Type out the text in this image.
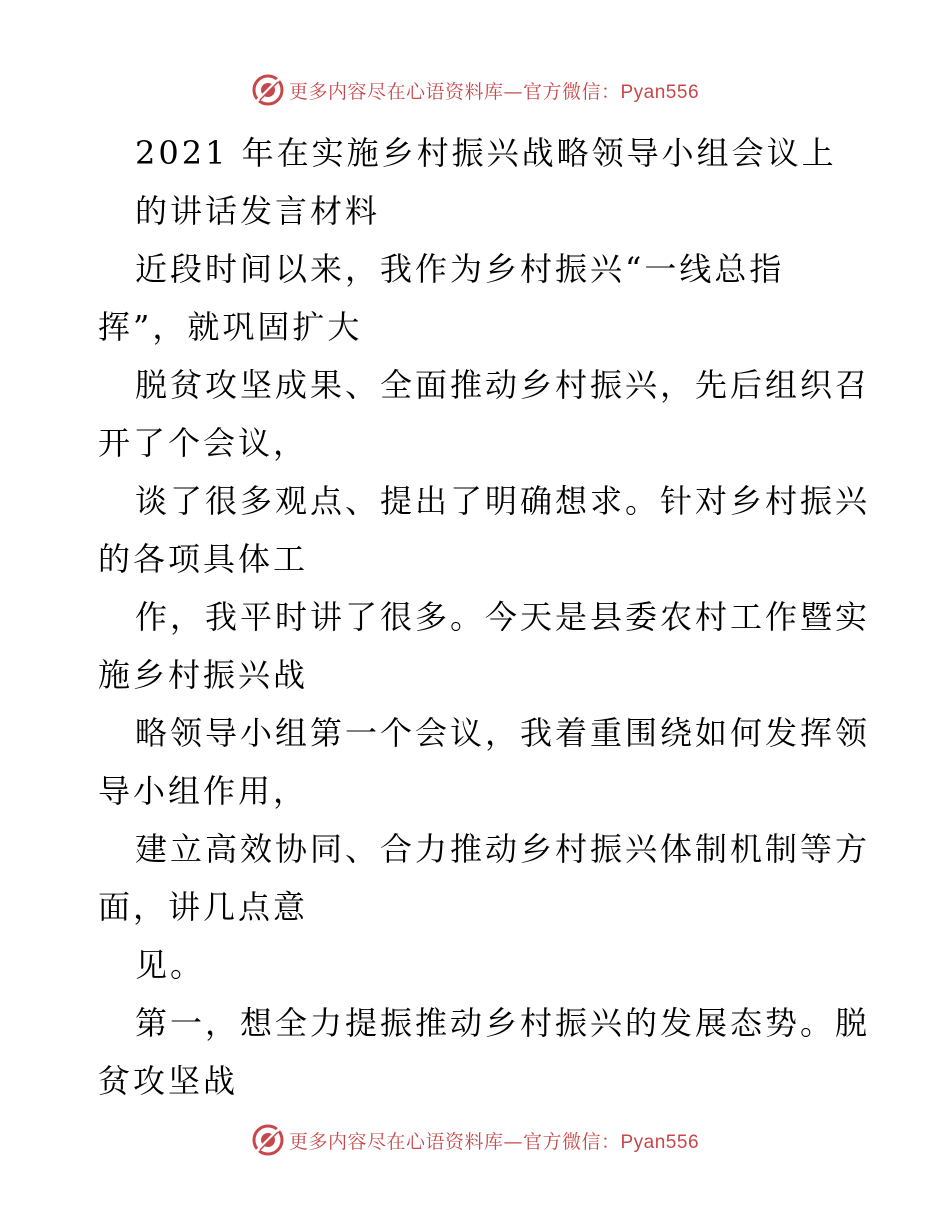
更多内容尽在心语资料库—官方微信：Pyan556
2021 年在实施乡村振兴战略领导小组会议上
的讲话发言材料
近段时间以来，我作为乡村振兴“一线总指
挥”，就巩固扩大
脱贫攻坚成果、全面推动乡村振兴，先后组织召
开了个会议，
谈了很多观点、提出了明确想求。针对乡村振兴
的各项具体工
作，我平时讲了很多。今天是县委农村工作暨实
施乡村振兴战
略领导小组第一个会议，我着重围绕如何发挥领
导小组作用，
建立高效协同、合力推动乡村振兴体制机制等方
面，讲几点意
见。
第一，想全力提振推动乡村振兴的发展态势。脱
贫攻坚战
更多内容尽在心语资料库—官方微信：Pyan556
